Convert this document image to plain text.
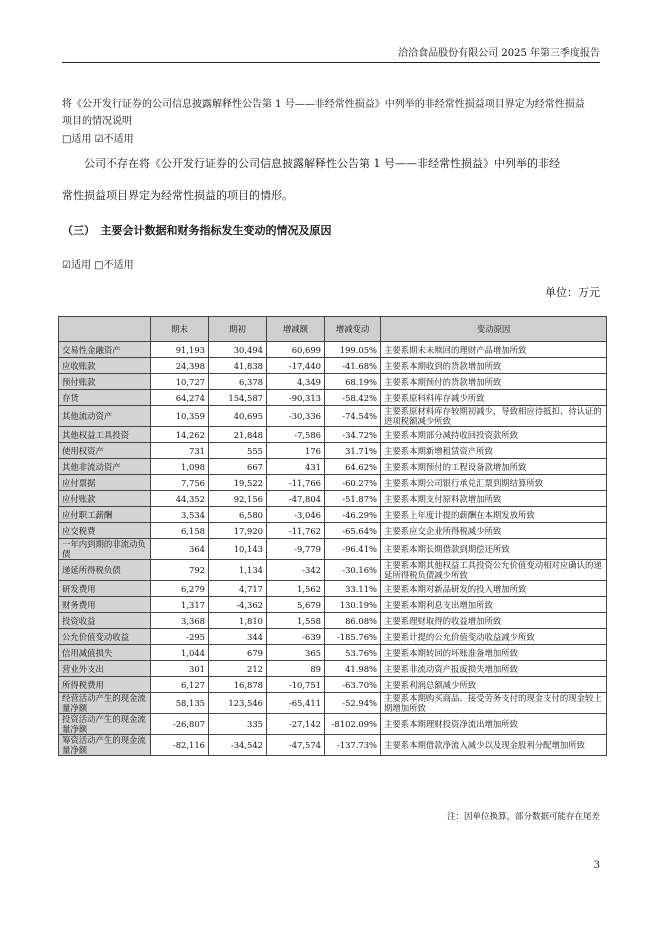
洽洽食品股份有限公司 2025 年第三季度报告
将《公开发行证券的公司信息披露解释性公告第 1 号——非经常性损益》中列举的非经常性损益项目界定为经常性损益
项目的情况说明
□适用 ☑不适用
公司不存在将《公开发行证券的公司信息披露解释性公告第 1 号——非经常性损益》中列举的非经
常性损益项目界定为经常性损益的项目的情形。
（三）　主要会计数据和财务指标发生变动的情况及原因
☑适用 □不适用
单位：万元
	期末	期初	增减额	增减变动	变动原因
交易性金融资产	91,193	30,494	60,699	199.05%	主要系期末未赎回的理财产品增加所致
应收账款	24,398	41,838	-17,440	-41.68%	主要系本期收到的货款增加所致
预付账款	10,727	6,378	4,349	68.19%	主要系本期预付的货款增加所致
存货	64,274	154,587	-90,313	-58.42%	主要系原料料库存减少所致
其他流动资产	10,359	40,695	-30,336	-74.54%	主要系原材料库存较期初减少，导致相应待抵扣、待认证的进项税额减少所致
其他权益工具投资	14,262	21,848	-7,586	-34.72%	主要系本期部分减持收回投资款所致
使用权资产	731	555	176	31.71%	主要系本期新增租赁资产所致
其他非流动资产	1,098	667	431	64.62%	主要系本期预付的工程设备款增加所致
应付票据	7,756	19,522	-11,766	-60.27%	主要系本期公司银行承兑汇票到期结算所致
应付账款	44,352	92,156	-47,804	-51.87%	主要系本期支付原料款增加所致
应付职工薪酬	3,534	6,580	-3,046	-46.29%	主要系上年度计提的薪酬在本期发放所致
应交税费	6,158	17,920	-11,762	-65.64%	主要系应交企业所得税减少所致
一年内到期的非流动负债	364	10,143	-9,779	-96.41%	主要系本期长期借款到期偿还所致
递延所得税负债	792	1,134	-342	-30.16%	主要系本期其他权益工具投资公允价值变动相对应确认的递延所得税负债减少所致
研发费用	6,279	4,717	1,562	33.11%	主要系本期对新品研发的投入增加所致
财务费用	1,317	-4,362	5,679	130.19%	主要系本期利息支出增加所致
投资收益	3,368	1,810	1,558	86.08%	主要系理财取得的收益增加所致
公允价值变动收益	-295	344	-639	-185.76%	主要系计提的公允价值变动收益减少所致
信用减值损失	1,044	679	365	53.76%	主要系本期转回的坏账准备增加所致
营业外支出	301	212	89	41.98%	主要系非流动资产报废损失增加所致
所得税费用	6,127	16,878	-10,751	-63.70%	主要系利润总额减少所致
经营活动产生的现金流量净额	58,135	123,546	-65,411	-52.94%	主要系本期购买商品、接受劳务支付的现金支付的现金较上期增加所致
投资活动产生的现金流量净额	-26,807	335	-27,142	-8102.09%	主要系本期理财投资净流出增加所致
筹资活动产生的现金流量净额	-82,116	-34,542	-47,574	-137.73%	主要系本期借款净流入减少以及现金股利分配增加所致
注：因单位换算，部分数据可能存在尾差
3
